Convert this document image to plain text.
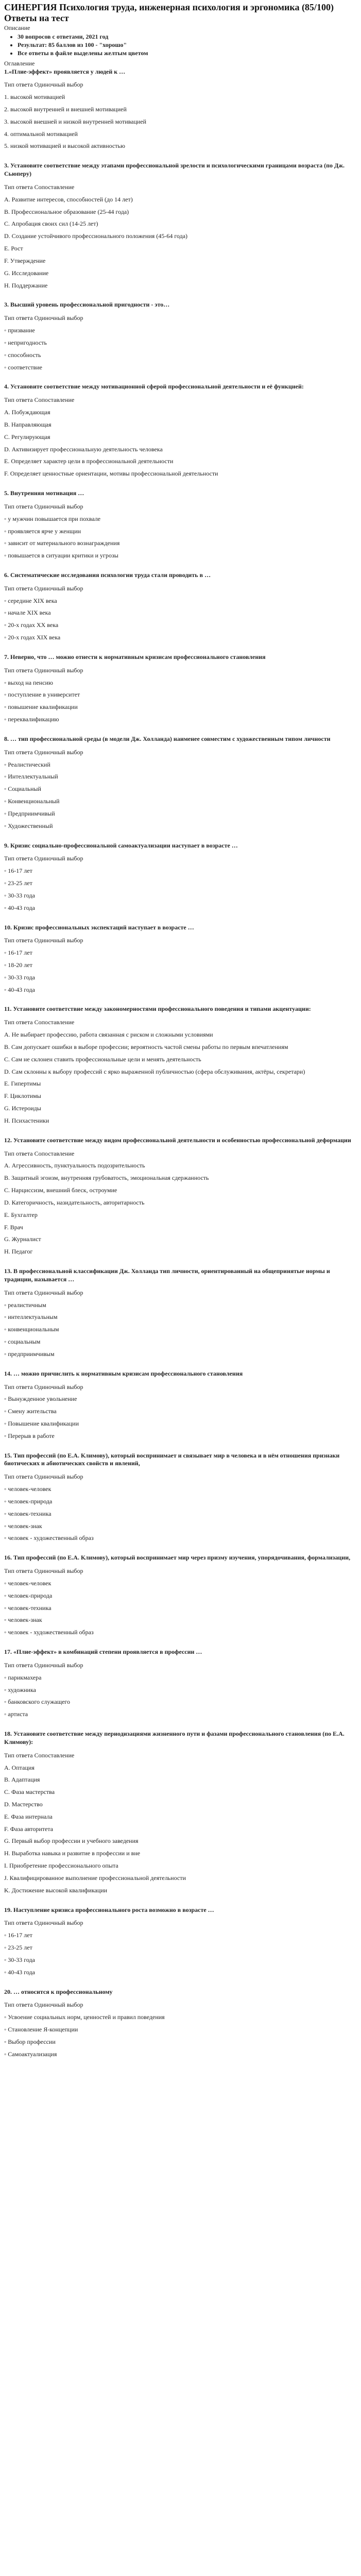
СИНЕРГИЯ Психология труда, инженерная психология и эргономика (85/100) Ответы на тест
Описание
• 30 вопросов с ответами, 2021 год
• Результат: 85 баллов из 100 - "хорошо"
• Все ответы в файле выделены желтым цветом
Оглавление

1.«Плие-эффект» проявляется у людей к …

Тип ответа Одиночный выбор

1. высокой мотивацией

2. высокой внутренней и внешней мотивацией

3. высокой внешней и низкой внутренней мотивацией

4. оптимальной мотивацией

5. низкой мотивацией и высокой активностью

3. Установите соответствие между этапами профессиональной зрелости и психологическими границами возраста (по Дж. Сьюперу)

Тип ответа Сопоставление

A. Развитие интересов, способностей (до 14 лет)

B. Профессиональное образование (25-44 года)

C. Апробация своих сил (14-25 лет)

D. Создание устойчивого профессионального положения (45-64 года)

E. Рост

F. Утверждение

G. Исследование

H. Поддержание

3. Высший уровень профессиональной пригодности - это…

Тип ответа Одиночный выбор

◦ призвание

◦ непригодность

◦ способность

◦ соответствие

4. Установите соответствие между мотивационной сферой профессиональной деятельности и её функцией:

Тип ответа Сопоставление

A. Побуждающая

B. Направляющая

C. Регулирующая

D. Активизирует профессиональную деятельность человека

E. Определяет характер цели в профессиональной деятельности

F. Определяет ценностные ориентации, мотивы профессиональной деятельности

5. Внутренняя мотивация …

Тип ответа Одиночный выбор

◦ у мужчин повышается при похвале

◦ проявляется ярче у женщин

◦ зависит от материального вознаграждения

◦ повышается в ситуации критики и угрозы

6. Систематические исследования психологии труда стали проводить в …

Тип ответа Одиночный выбор

◦ середине XIX века

◦ начале XIX века

◦ 20-х годах XX века

◦ 20-х годах XIX века

7. Неверно, что … можно отнести к нормативным кризисам профессионального становления

Тип ответа Одиночный выбор

◦ выход на пенсию

◦ поступление в университет

◦ повышение квалификации

◦ переквалификацию

8. … тип профессиональной среды (в модели Дж. Холланда) наименее совместим с художественным типом личности

Тип ответа Одиночный выбор

◦ Реалистический

◦ Интеллектуальный

◦ Социальный

◦ Конвенциональный

◦ Предприимчивый

◦ Художественный

9. Кризис социально-профессиональной самоактуализации наступает в возрасте …

Тип ответа Одиночный выбор

◦ 16-17 лет

◦ 23-25 лет

◦ 30-33 года

◦ 40-43 года

10. Кризис профессиональных экспектаций наступает в возрасте …

Тип ответа Одиночный выбор

◦ 16-17 лет

◦ 18-20 лет

◦ 30-33 года

◦ 40-43 года

11. Установите соответствие между закономерностями профессионального поведения и типами акцентуации:

Тип ответа Сопоставление

A. Не выбирает профессию, работа связанная с риском и сложными условиями

B. Сам допускает ошибки в выборе профессии; вероятность частой смены работы по первым впечатлениям

C. Сам не склонен ставить профессиональные цели и менять деятельность

D. Сам склонны к выбору профессий с ярко выраженной публичностью (сфера обслуживания, актёры, секретари)

E. Гипертимы

F. Циклотимы

G. Истероиды

H. Психастеники

12. Установите соответствие между видом профессиональной деятельности и особенностью профессиональной деформации

Тип ответа Сопоставление

A. Агрессивность, пунктуальность подозрительность

B. Защитный эгоизм, внутренняя грубоватость, эмоциональная сдержанность

C. Нарциссизм, внешний блеск, остроумие

D. Категоричность, назидательность, авторитарность

E. Бухгалтер

F. Врач

G. Журналист

H. Педагог

13. В профессиональной классификации Дж. Холланда тип личности, ориентированный на общепринятые нормы и традиции, называется …

Тип ответа Одиночный выбор

◦ реалистичным

◦ интеллектуальным

◦ конвенциональным

◦ социальным

◦ предприимчивым

14. … можно причислить к нормативным кризисам профессионального становления

Тип ответа Одиночный выбор

◦ Вынужденное увольнение

◦ Смену жительства

◦ Повышение квалификации

◦ Перерыв в работе

15. Тип профессий (по Е.А. Климову), который воспринимает и связывает мир в человека и в нём отношения признаки биотических и абиотических свойств и явлений,

Тип ответа Одиночный выбор

◦ человек-человек

◦ человек-природа

◦ человек-техника

◦ человек-знак

◦ человек - художественный образ

16. Тип профессий (по Е.А. Климову), который воспринимает мир через призму изучения, упорядочивания, формализации,

Тип ответа Одиночный выбор

◦ человек-человек

◦ человек-природа

◦ человек-техника

◦ человек-знак

◦ человек - художественный образ

17. «Плие-эффект» в комбинаций степени проявляется в профессии …

Тип ответа Одиночный выбор

◦ парикмахера

◦ художника

◦ банковского служащего

◦ артиста

18. Установите соответствие между периодизациями жизненного пути и фазами профессионального становления (по Е.А. Климову):

Тип ответа Сопоставление

A. Оптация

B. Адаптация

C. Фаза мастерства

D. Мастерство

E. Фаза интернала

F. Фаза авторитета

G. Первый выбор профессии и учебного заведения

H. Выработка навыка и развитие в профессии и вне

I. Приобретение профессионального опыта

J. Квалифицированное выполнение профессиональной деятельности

K. Достижение высокой квалификации

19. Наступление кризиса профессионального роста возможно в возрасте …

Тип ответа Одиночный выбор

◦ 16-17 лет

◦ 23-25 лет

◦ 30-33 года

◦ 40-43 года

20. … относится к профессиональному

Тип ответа Одиночный выбор

◦ Усвоение социальных норм, ценностей и правил поведения

◦ Становление Я-концепции

◦ Выбор профессии

◦ Самоактуализация
